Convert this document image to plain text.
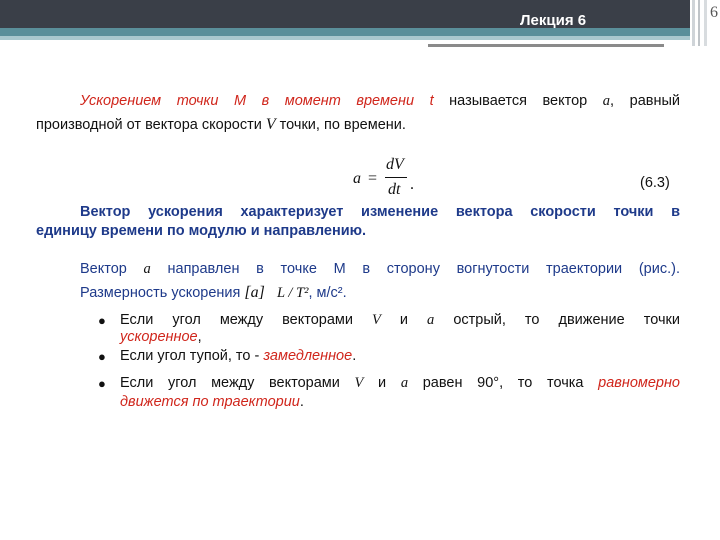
Лекция 6	6
Ускорением точки М в момент времени t называется вектор a, равный
производной от вектора скорости V точки, по времени.
a =
dV
dt .	(6.3)
Вектор ускорения характеризует изменение вектора скорости точки в
единицу времени по модулю и направлению.
Вектор a направлен в точке М в сторону вогнутости траектории (рис.).
Размерность ускорения [a] L / T², м/с².
● Если угол между векторами V и a острый, то движение точки
ускоренное,
● Если угол тупой, то - замедленное.
● Если угол между векторами V и a равен 90°, то точка равномерно
движется по траектории.
